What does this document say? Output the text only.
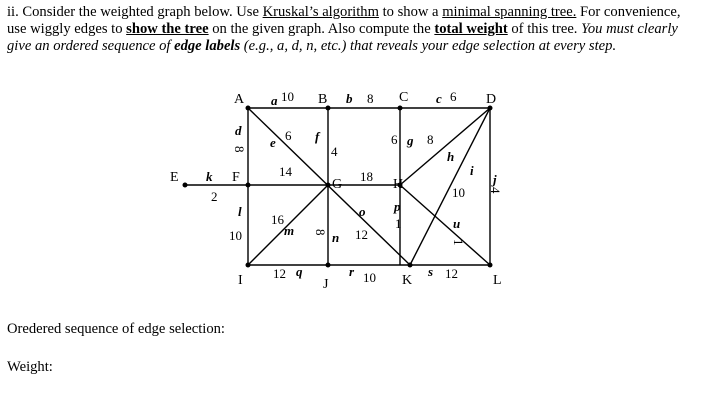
ii. Consider the weighted graph below. Use Kruskal’s algorithm to show a minimal spanning tree. For convenience, use wiggly edges to show the tree on the given graph. Also compute the total weight of this tree. You must clearly give an ordered sequence of edge labels (e.g., a, d, n, etc.) that reveals your edge selection at every step.

A	B	C	D
E	F	G	H
I	J	K	L
a	b	c
d
e	f	g
h
i
j
k
l
m	n
o p
u
q	r	s
10	8	6
8
6
4
6 8
10 4
2
14	18
10
16
8 12
1
1
12	10	12
Oredered sequence of edge selection:
Weight:
